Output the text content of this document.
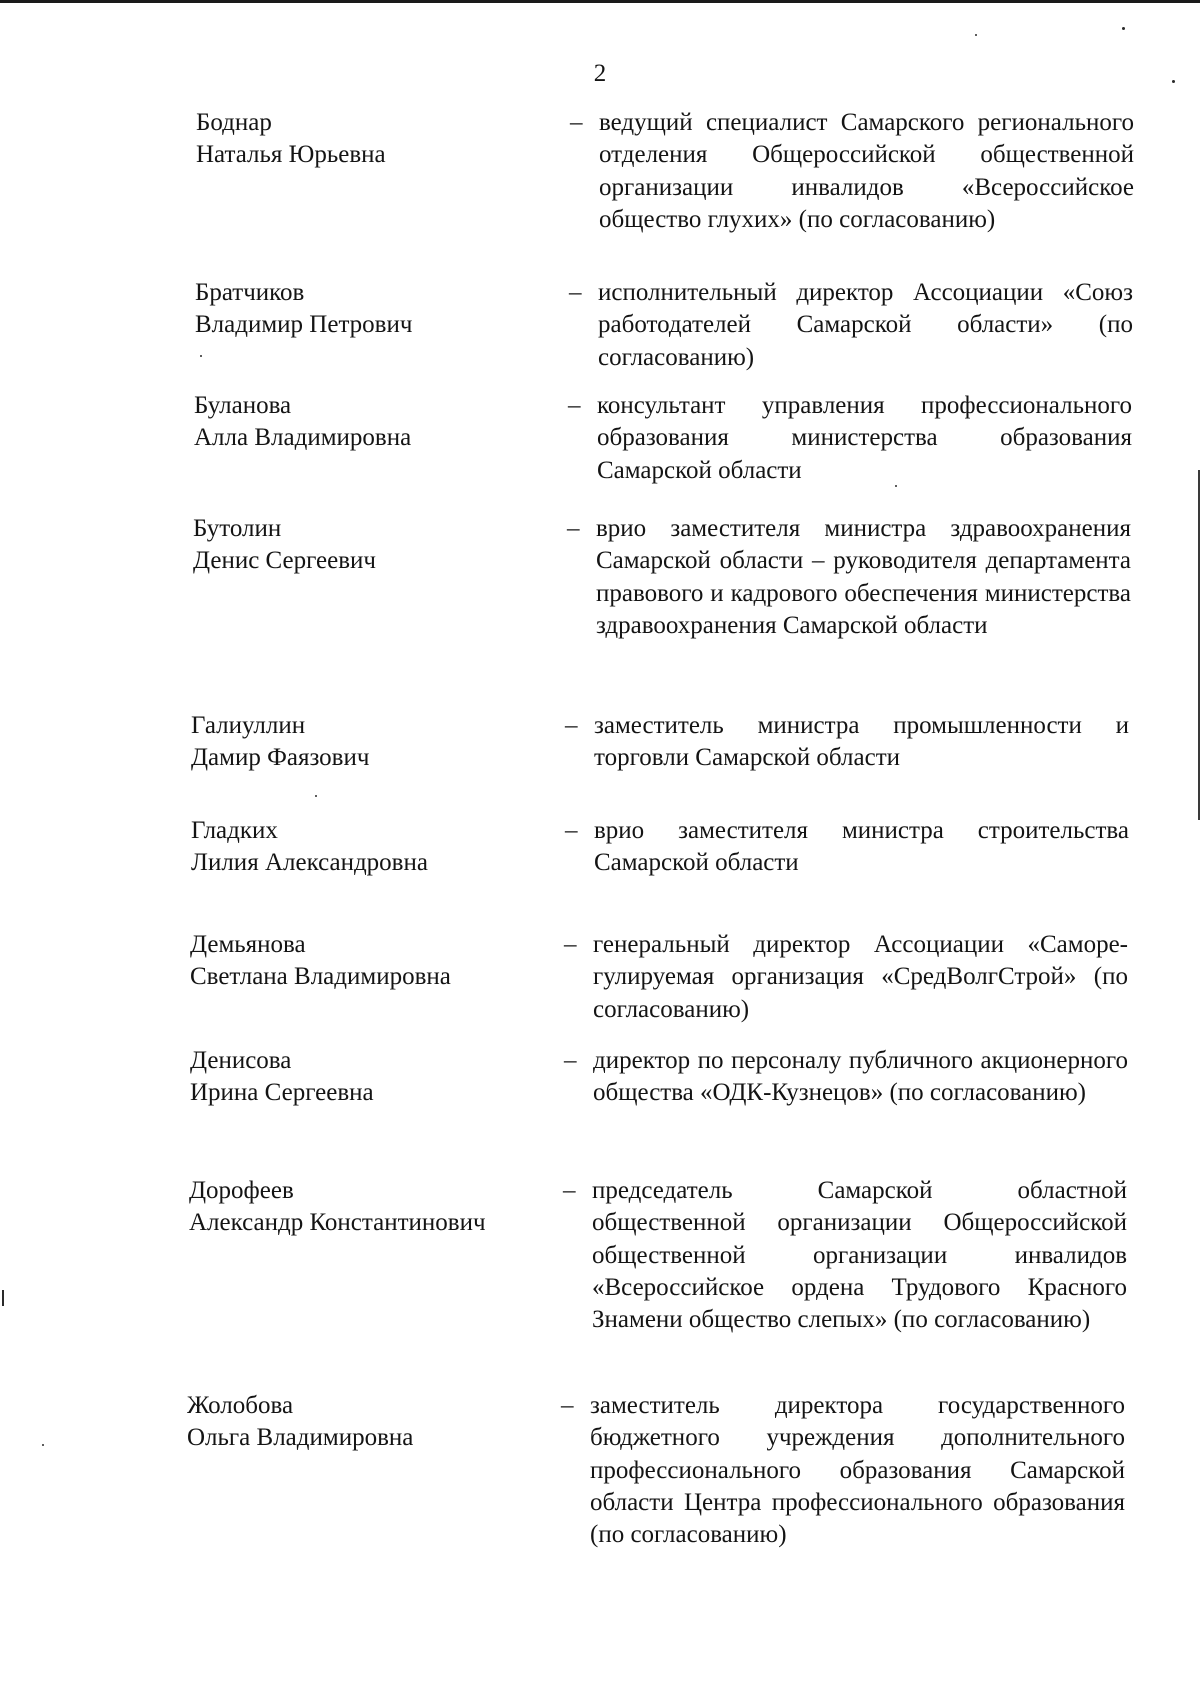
2
Боднар
Наталья Юрьевна
– ведущий специалист Самарского регионального отделения Общероссийской общественной организации инвалидов «Всероссийское общество глухих» (по согласованию)
Братчиков
Владимир Петрович
– исполнительный директор Ассоциации «Союз работодателей Самарской области» (по согласованию)
Буланова
Алла Владимировна
– консультант управления профессионального образования министерства образования Самарской области
Бутолин
Денис Сергеевич
– врио заместителя министра здравоохранения Самарской области – руководителя департамента правового и кадрового обеспечения министерства здравоохранения Самарской области
Галиуллин
Дамир Фаязович
– заместитель министра промышленности и торговли Самарской области
Гладких
Лилия Александровна
– врио заместителя министра строительства Самарской области
Демьянова
Светлана Владимировна
– генеральный директор Ассоциации «Саморегулируемая организация «СредВолгСтрой» (по согласованию)
Денисова
Ирина Сергеевна
– директор по персоналу публичного акционерного общества «ОДК-Кузнецов» (по согласованию)
Дорофеев
Александр Константинович
– председатель Самарской областной общественной организации Общероссийской общественной организации инвалидов «Всероссийское ордена Трудового Красного Знамени общество слепых» (по согласованию)
Жолобова
Ольга Владимировна
– заместитель директора государственного бюджетного учреждения дополнительного профессионального образования Самарской области Центра профессионального образования (по согласованию)
